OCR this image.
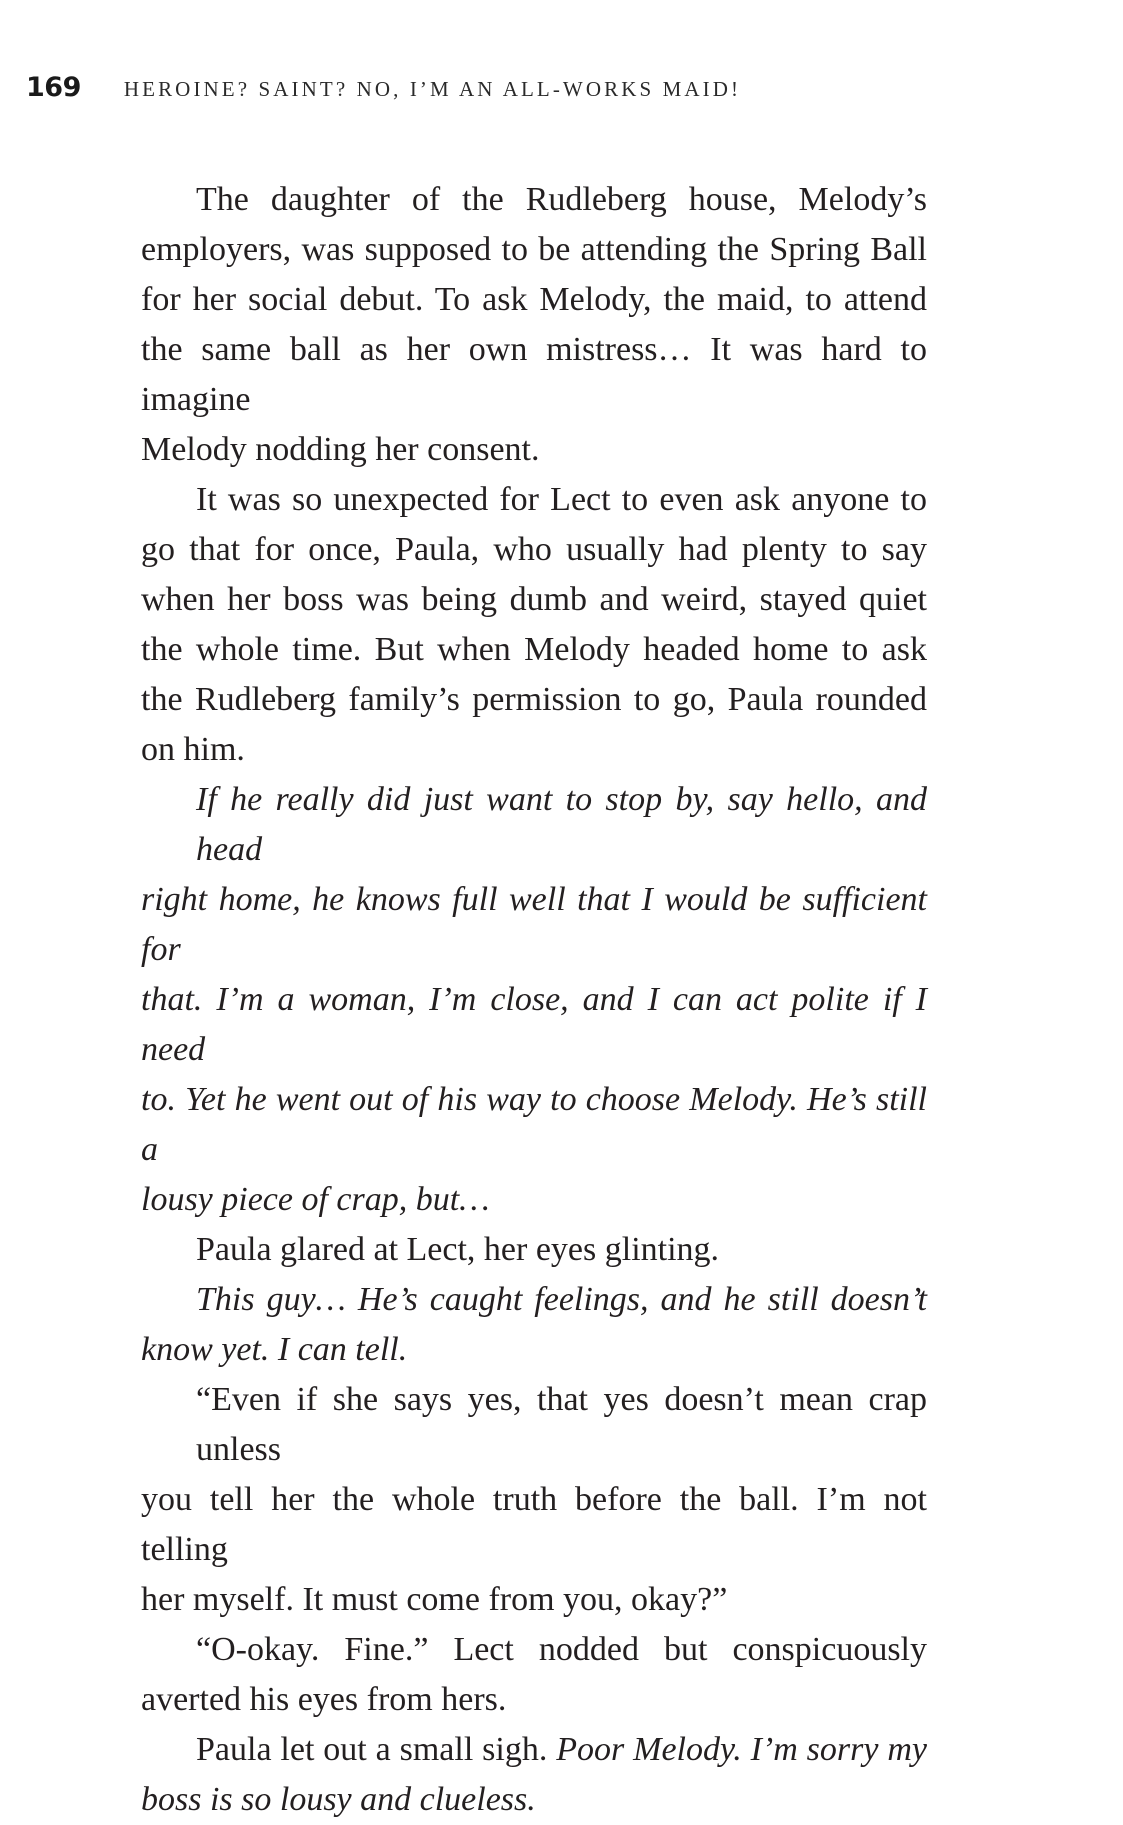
169 HEROINE? SAINT? NO, I’M AN ALL-WORKS MAID!
The daughter of the Rudleberg house, Melody’s
employers, was supposed to be attending the Spring Ball
for her social debut. To ask Melody, the maid, to attend
the same ball as her own mistress… It was hard to imagine
Melody nodding her consent.
It was so unexpected for Lect to even ask anyone to
go that for once, Paula, who usually had plenty to say
when her boss was being dumb and weird, stayed quiet
the whole time. But when Melody headed home to ask
the Rudleberg family’s permission to go, Paula rounded
on him.
If he really did just want to stop by, say hello, and head
right home, he knows full well that I would be sufficient for
that. I’m a woman, I’m close, and I can act polite if I need
to. Yet he went out of his way to choose Melody. He’s still a
lousy piece of crap, but…
Paula glared at Lect, her eyes glinting.
This guy… He’s caught feelings, and he still doesn’t
know yet. I can tell.
“Even if she says yes, that yes doesn’t mean crap unless
you tell her the whole truth before the ball. I’m not telling
her myself. It must come from you, okay?”
“O-okay. Fine.” Lect nodded but conspicuously
averted his eyes from hers.
Paula let out a small sigh. Poor Melody. I’m sorry my
boss is so lousy and clueless.
